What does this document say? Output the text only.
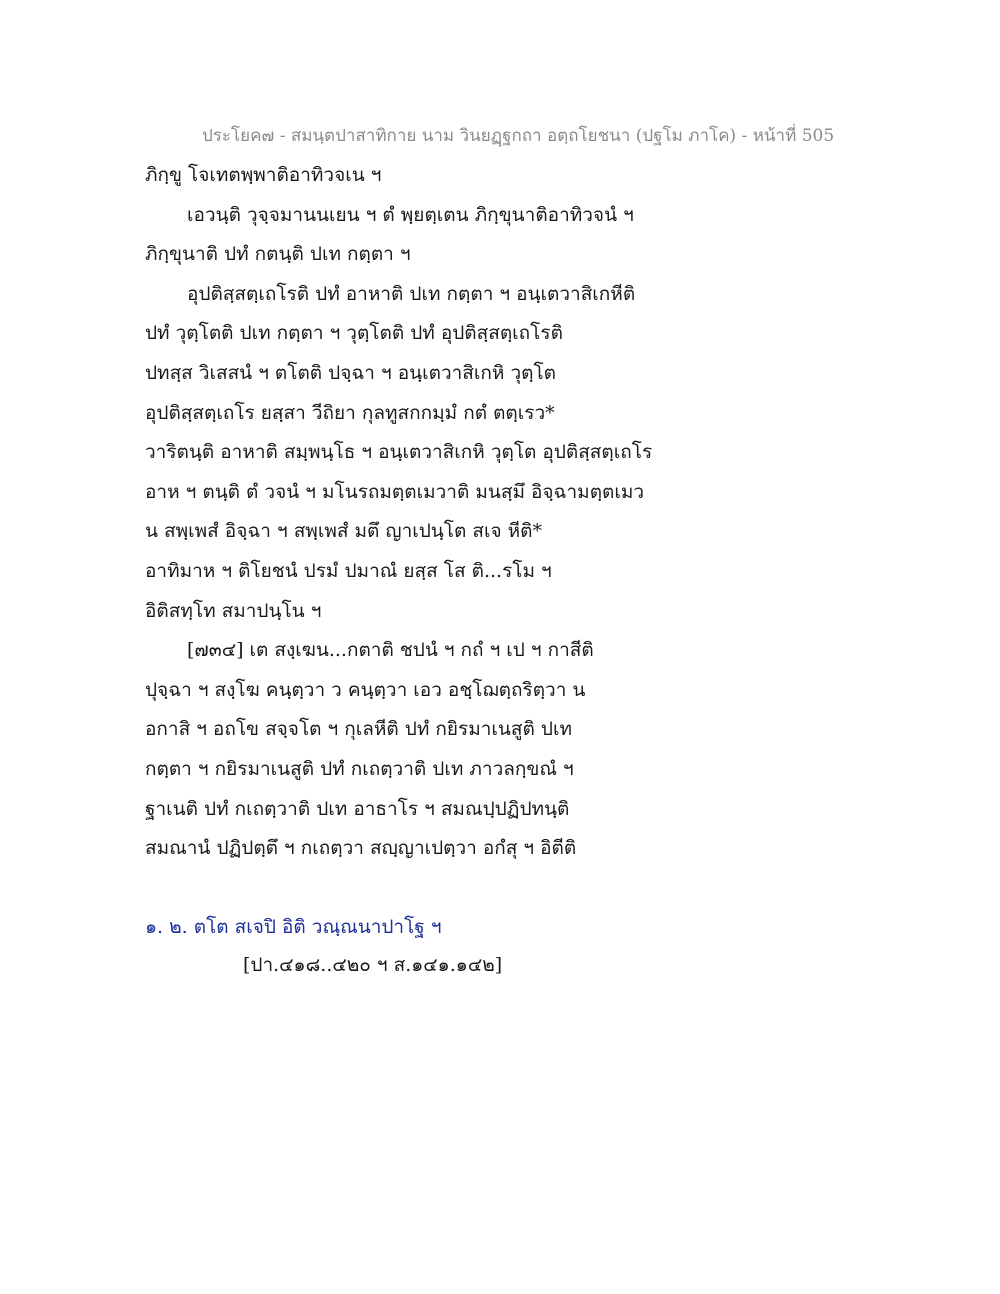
ประโยค๗ - สมนฺตปาสาทิกาย นาม วินยฏฺฐกถา อตฺถโยชนา (ปฐโม ภาโค) - หน้าที่ 505
ภิกฺขู โจเทตพฺพาติอาทิวจเน ฯ
เอวนฺติ วุจฺจมานนเยน ฯ ตํ พฺยตฺเตน ภิกฺขุนาติอาทิวจนํ ฯ
ภิกฺขุนาติ ปทํ กตนฺติ ปเท กตฺตา ฯ
อุปติสฺสตฺเถโรติ ปทํ อาหาติ ปเท กตฺตา ฯ อนฺเตวาสิเกหีติ
ปทํ วุตฺโตติ ปเท กตฺตา ฯ วุตฺโตติ ปทํ อุปติสฺสตฺเถโรติ
ปทสฺส วิเสสนํ ฯ ตโตติ ปจฺฉา ฯ อนฺเตวาสิเกหิ วุตฺโต
อุปติสฺสตฺเถโร ยสฺสา วีถิยา กุลทูสกกมฺมํ กตํ ตตฺเรว*
วาริตนฺติ อาหาติ สมฺพนฺโธ ฯ อนฺเตวาสิเกหิ วุตฺโต อุปติสฺสตฺเถโร
อาห ฯ ตนฺติ ตํ วจนํ ฯ มโนรถมตฺตเมวาติ มนสฺมึ อิจฺฉามตฺตเมว
น สพฺเพสํ อิจฺฉา ฯ สพฺเพสํ มตึ ญาเปนฺโต สเจ หีติ*
อาทิมาห ฯ ติโยชนํ ปรมํ ปมาณํ ยสฺส โส ติ...รโม ฯ
อิติสทฺโท สมาปนฺโน ฯ
[๗๓๔] เต สงฺเฆน...กตาติ ชปนํ ฯ กถํ ฯ เป ฯ กาสีติ
ปุจฺฉา ฯ สงฺโฆ คนฺตฺวา ว คนฺตฺวา เอว อชฺโฌตฺถริตฺวา น
อกาสิ ฯ อถโข สจฺจโต ฯ กุเลหีติ ปทํ กยิรมาเนสูติ ปเท
กตฺตา ฯ กยิรมาเนสูติ ปทํ กเถตฺวาติ ปเท ภาวลกฺขณํ ฯ
ฐาเนติ ปทํ กเถตฺวาติ ปเท อาธาโร ฯ สมณปฺปฏิปทนฺติ
สมณานํ ปฏิปตฺตึ ฯ กเถตฺวา สญฺญาเปตฺวา อกํสุ ฯ อิตีติ
๑. ๒. ตโต สเจปิ อิติ วณฺณนาปาโฐ ฯ
[ปา.๔๑๘..๔๒๐ ฯ ส.๑๔๑.๑๔๒]
